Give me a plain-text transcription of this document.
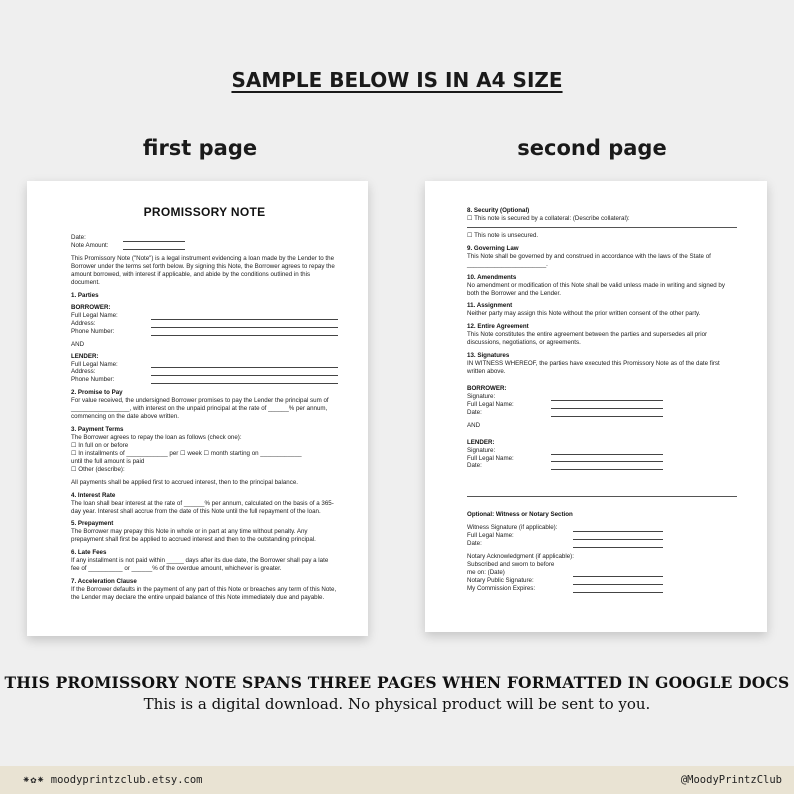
SAMPLE BELOW IS IN A4 SIZE
first page	second page
PROMISSORY NOTE
Date:
Note Amount:

This Promissory Note ("Note") is a legal instrument evidencing a loan made by the Lender to the Borrower under the terms set forth below. By signing this Note, the Borrower agrees to repay the amount borrowed, with interest if applicable, and abide by the conditions outlined in this document.

1. Parties
BORROWER:
Full Legal Name:
Address:
Phone Number:
AND
LENDER:
Full Legal Name:
Address:
Phone Number:
2. Promise to Pay

For value received, the undersigned Borrower promises to pay the Lender the principal sum of _________________, with interest on the unpaid principal at the rate of ______% per annum, commencing on the date above written.

3. Payment Terms

The Borrower agrees to repay the loan as follows (check one):

☐ In full on or before

☐ In installments of ____________ per ☐ week ☐ month starting on ____________

until the full amount is paid

☐ Other (describe):

All payments shall be applied first to accrued interest, then to the principal balance.

4. Interest Rate

The loan shall bear interest at the rate of ______% per annum, calculated on the basis of a 365-day year. Interest shall accrue from the date of this Note until the full repayment of the loan.

5. Prepayment

The Borrower may prepay this Note in whole or in part at any time without penalty. Any prepayment shall first be applied to accrued interest and then to the outstanding principal.

6. Late Fees

If any installment is not paid within _____ days after its due date, the Borrower shall pay a late fee of __________ or ______% of the overdue amount, whichever is greater.

7. Acceleration Clause

If the Borrower defaults in the payment of any part of this Note or breaches any term of this Note, the Lender may declare the entire unpaid balance of this Note immediately due and payable.

8. Security (Optional)

☐ This note is secured by a collateral: (Describe collateral):

☐ This note is unsecured.

9. Governing Law

This Note shall be governed by and construed in accordance with the laws of the State of _______________________.

10. Amendments

No amendment or modification of this Note shall be valid unless made in writing and signed by both the Borrower and the Lender.

11. Assignment

Neither party may assign this Note without the prior written consent of the other party.

12. Entire Agreement

This Note constitutes the entire agreement between the parties and supersedes all prior discussions, negotiations, or agreements.

13. Signatures

IN WITNESS WHEREOF, the parties have executed this Promissory Note as of the date first written above.

BORROWER:
Signature:
Full Legal Name:
Date:
AND
LENDER:
Signature:
Full Legal Name:
Date:
Optional: Witness or Notary Section
Witness Signature (if applicable):
Full Legal Name:
Date:

Notary Acknowledgment (if applicable):

Subscribed and sworn to before
me on: (Date)
Notary Public Signature:
My Commission Expires:
THIS PROMISSORY NOTE SPANS THREE PAGES WHEN FORMATTED IN GOOGLE DOCS
This is a digital download. No physical product will be sent to you.
⁕✿⁕ moodyprintzclub.etsy.com	@MoodyPrintzClub
